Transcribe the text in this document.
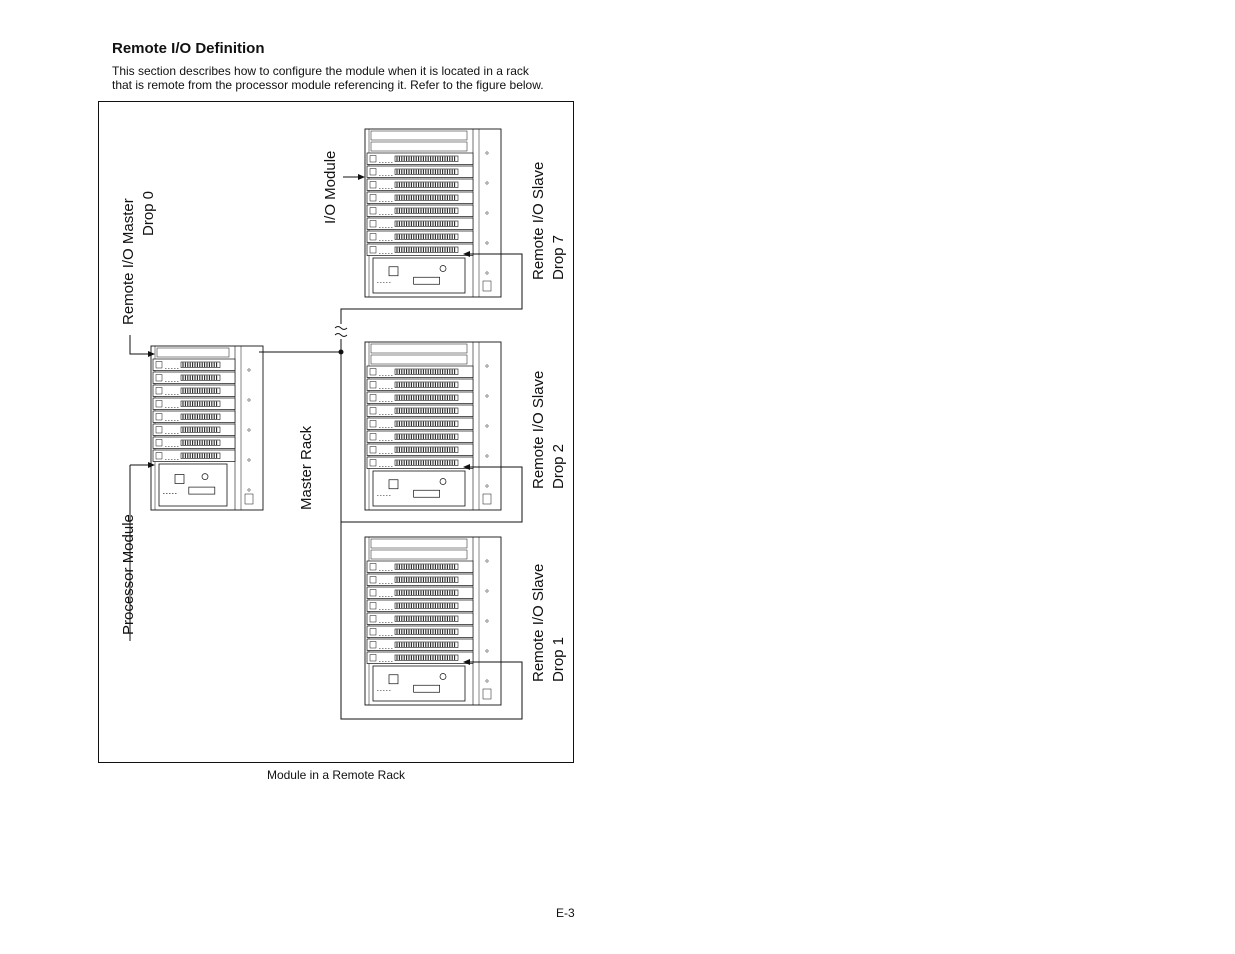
Remote I/O Definition

This section describes how to configure the module when it is located in a rack
that is remote from the processor module referencing it. Refer to the figure below.

Remote I/O Master Drop 0
Processor Module
Master Rack
I/O Module	Remote I/O Slave Drop 7
Remote I/O Slave Drop 2
Remote I/O Slave Drop 1

Module in a Remote Rack

E-3
